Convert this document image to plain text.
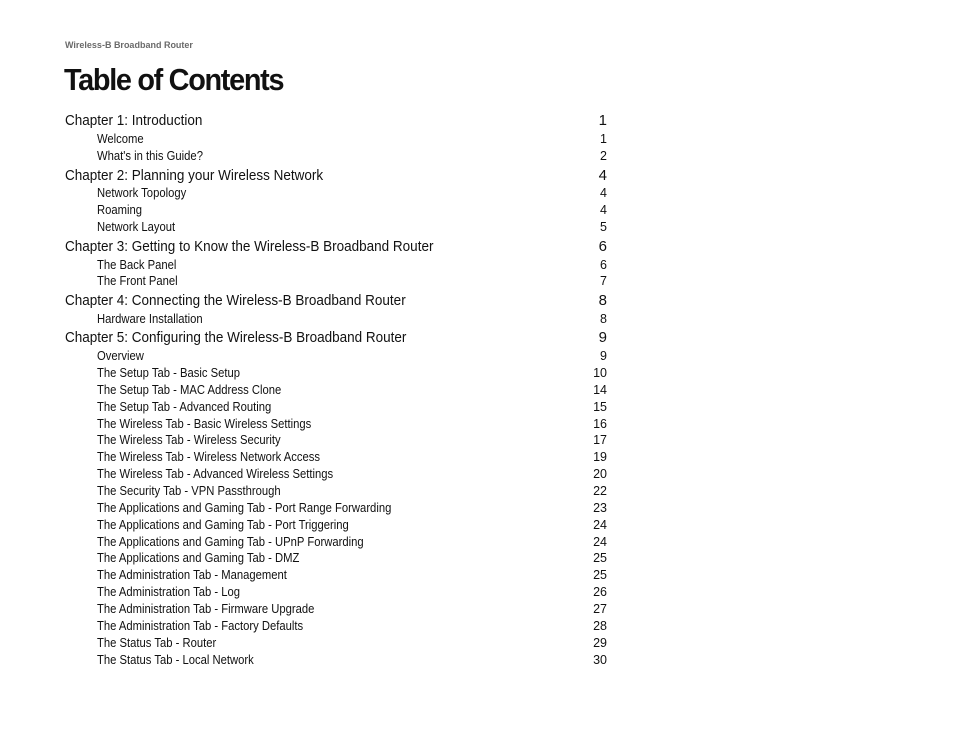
Wireless-B Broadband Router
Table of Contents
Chapter 1: Introduction	1
Welcome	1
What's in this Guide?	2
Chapter 2: Planning your Wireless Network	4
Network Topology	4
Roaming	4
Network Layout	5
Chapter 3: Getting to Know the Wireless-B Broadband Router	6
The Back Panel	6
The Front Panel	7
Chapter 4: Connecting the Wireless-B Broadband Router	8
Hardware Installation	8
Chapter 5: Configuring the Wireless-B Broadband Router	9
Overview	9
The Setup Tab - Basic Setup	10
The Setup Tab - MAC Address Clone	14
The Setup Tab - Advanced Routing	15
The Wireless Tab - Basic Wireless Settings	16
The Wireless Tab - Wireless Security	17
The Wireless Tab - Wireless Network Access	19
The Wireless Tab - Advanced Wireless Settings	20
The Security Tab - VPN Passthrough	22
The Applications and Gaming Tab - Port Range Forwarding	23
The Applications and Gaming Tab - Port Triggering	24
The Applications and Gaming Tab - UPnP Forwarding	24
The Applications and Gaming Tab - DMZ	25
The Administration Tab - Management	25
The Administration Tab - Log	26
The Administration Tab - Firmware Upgrade	27
The Administration Tab - Factory Defaults	28
The Status Tab - Router	29
The Status Tab - Local Network	30
